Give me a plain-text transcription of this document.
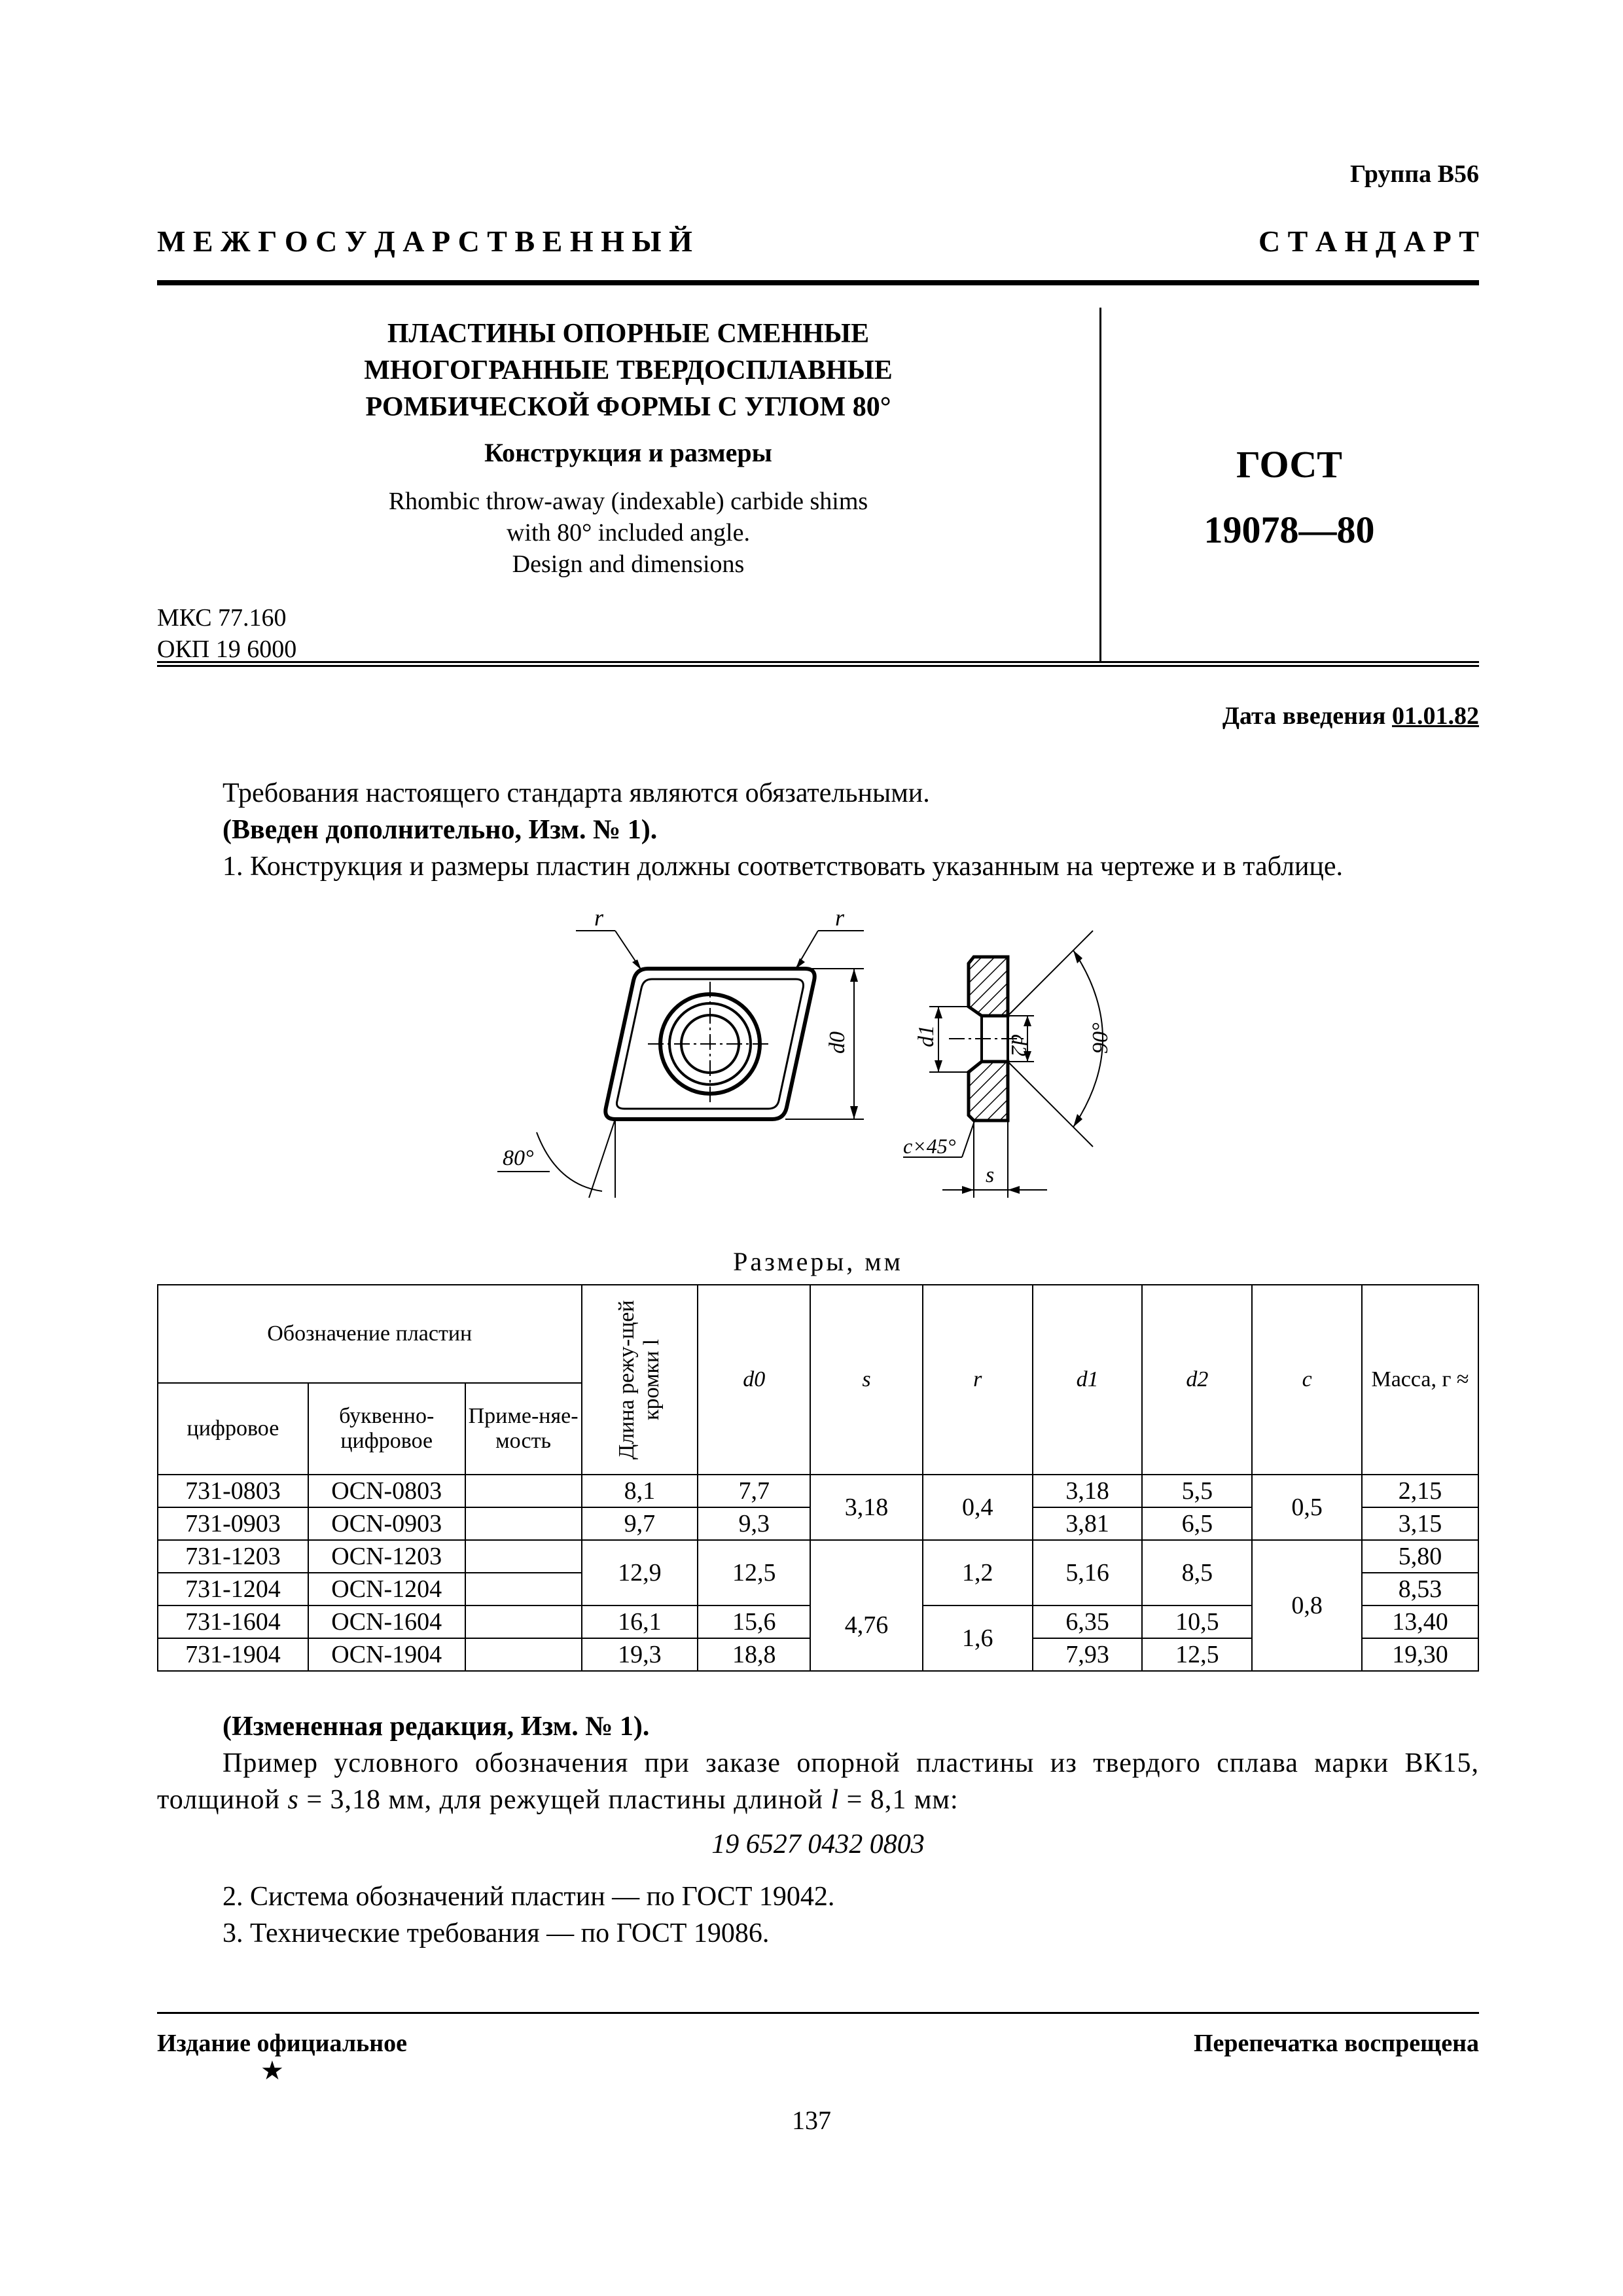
Группа В56
М Е Ж Г О С У Д А Р С Т В Е Н Н Ы Й	С Т А Н Д А Р Т
ПЛАСТИНЫ ОПОРНЫЕ СМЕННЫЕ
МНОГОГРАННЫЕ ТВЕРДОСПЛАВНЫЕ
РОМБИЧЕСКОЙ ФОРМЫ С УГЛОМ 80°
Конструкция и размеры
Rhombic throw-away (indexable) carbide shims
with 80° included angle.
Design and dimensions
ГОСТ
19078—80
МКС 77.160
ОКП 19 6000
Дата введения 01.01.82
Требования настоящего стандарта являются обязательными.
(Введен дополнительно, Изм. № 1).
1. Конструкция и размеры пластин должны соответствовать указанным на чертеже и в таблице.
r	r
d0
80°
d1	d2	90°
c×45°
s
Размеры, мм
Обозначение пластин			Длина режу-щей кромки l	d0	s	r	d1	d2	c	Масса, г ≈
цифровое	буквенно-цифровое	Приме-няе-мость								
731-0803	OCN-0803		8,1	7,7	3,18	0,4	3,18	5,5	0,5	2,15
731-0903	OCN-0903		9,7	9,3			3,81	6,5		3,15
731-1203	OCN-1203		12,9	12,5	4,76	1,2	5,16	8,5	0,8	5,80
731-1204	OCN-1204									8,53
731-1604	OCN-1604		16,1	15,6		1,6	6,35	10,5		13,40
731-1904	OCN-1904		19,3	18,8			7,93	12,5		19,30
(Измененная редакция, Изм. № 1).
Пример условного обозначения при заказе опорной пластины из твердого сплава марки ВК15, толщиной s = 3,18 мм, для режущей пластины длиной l = 8,1 мм:
19 6527 0432 0803
2. Система обозначений пластин — по ГОСТ 19042.
3. Технические требования — по ГОСТ 19086.
Издание официальное	Перепечатка воспрещена
★
137
